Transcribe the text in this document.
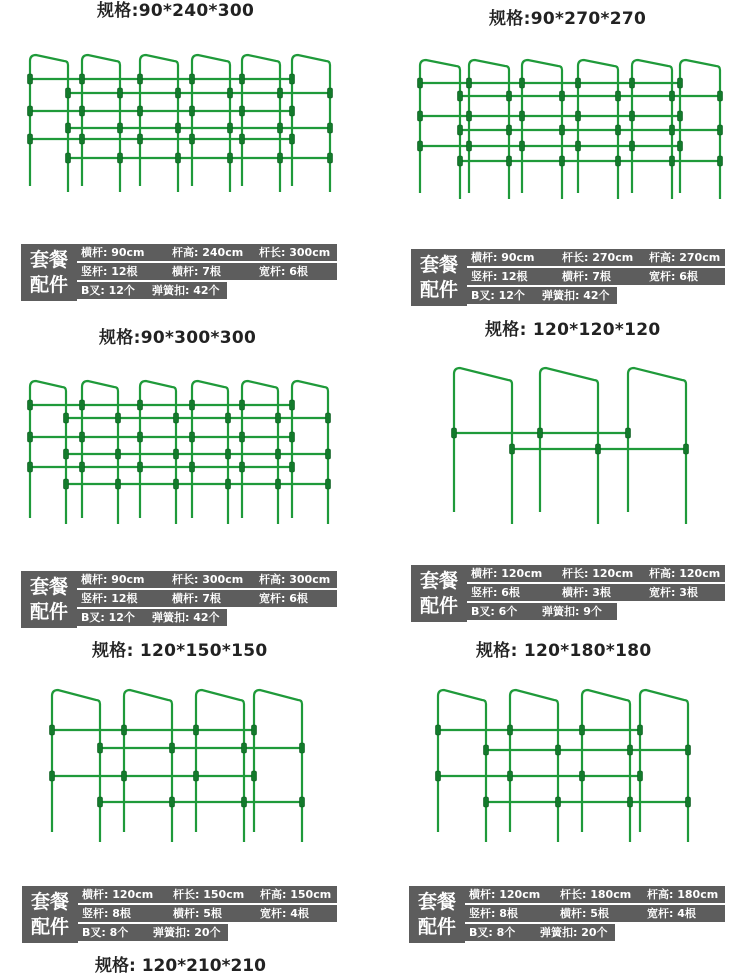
规格:90*240*300
套餐
配件
横杆: 90cm 杆高: 240cm 杆长: 300cm
竖杆: 12根	横杆: 7根	宽杆: 6根
B叉: 12个 弹簧扣: 42个
规格:90*270*270
套餐
配件
横杆: 90cm 杆长: 270cm 杆高: 270cm
竖杆: 12根	横杆: 7根	宽杆: 6根
B叉: 12个 弹簧扣: 42个
规格:90*300*300
套餐
配件
横杆: 90cm 杆长: 300cm 杆高: 300cm
竖杆: 12根	横杆: 7根	宽杆: 6根
B叉: 12个 弹簧扣: 42个
规格: 120*120*120
套餐
配件
横杆: 120cm 杆长: 120cm 杆高: 120cm
竖杆: 6根	横杆: 3根	宽杆: 3根
B叉: 6个 弹簧扣: 9个
规格: 120*150*150
套餐
配件
横杆: 120cm 杆长: 150cm 杆高: 150cm
竖杆: 8根	横杆: 5根	宽杆: 4根
B叉: 8个 弹簧扣: 20个
规格: 120*180*180
套餐
配件
横杆: 120cm 杆长: 180cm 杆高: 180cm
竖杆: 8根	横杆: 5根	宽杆: 4根
B叉: 8个 弹簧扣: 20个
规格: 120*210*210
